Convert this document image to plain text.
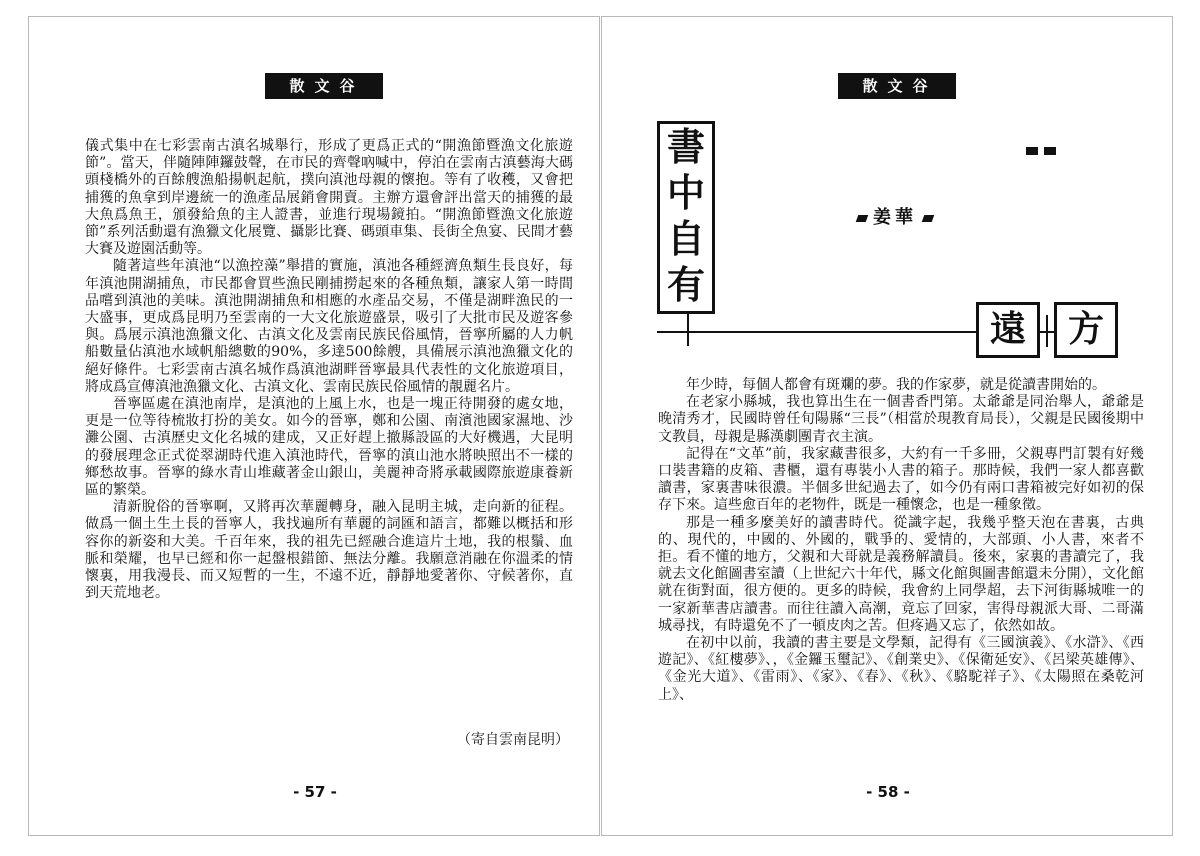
散文谷

儀式集中在七彩雲南古滇名城舉行，形成了更爲正式的“開漁節暨漁文化旅遊節”。當天，伴隨陣陣鑼鼓聲，在市民的齊聲吶喊中，停泊在雲南古滇藝海大碼頭棧橋外的百餘艘漁船揚帆起航，撲向滇池母親的懷抱。等有了收穫，又會把捕獲的魚拿到岸邊統一的漁產品展銷會開賣。主辦方還會評出當天的捕獲的最大魚爲魚王，頒發給魚的主人證書，並進行現場鏡拍。“開漁節暨漁文化旅遊節”系列活動還有漁獵文化展覽、攝影比賽、碼頭車集、長街全魚宴、民間才藝大賽及遊園活動等。

隨著這些年滇池“以漁控藻”舉措的實施，滇池各種經濟魚類生長良好，每年滇池開湖捕魚，市民都會買些漁民剛捕撈起來的各種魚類，讓家人第一時間品嚐到滇池的美味。滇池開湖捕魚和相應的水產品交易，不僅是湖畔漁民的一大盛事，更成爲昆明乃至雲南的一大文化旅遊盛景，吸引了大批市民及遊客參與。爲展示滇池漁獵文化、古滇文化及雲南民族民俗風情，晉寧所屬的人力帆船數量佔滇池水域帆船總數的90%，多達500餘艘，具備展示滇池漁獵文化的絕好條件。七彩雲南古滇名城作爲滇池湖畔晉寧最具代表性的文化旅遊項目，將成爲宣傳滇池漁獵文化、古滇文化、雲南民族民俗風情的靚麗名片。

晉寧區處在滇池南岸，是滇池的上風上水，也是一塊正待開發的處女地，更是一位等待梳妝打扮的美女。如今的晉寧，鄭和公園、南濱池國家濕地、沙灘公園、古滇歷史文化名城的建成，又正好趕上撤縣設區的大好機遇，大昆明的發展理念正式從翠湖時代進入滇池時代，晉寧的滇山池水將映照出不一樣的鄉愁故事。晉寧的綠水青山堆藏著金山銀山，美麗神奇將承載國際旅遊康養新區的繁榮。

清新脫俗的晉寧啊，又將再次華麗轉身，融入昆明主城，走向新的征程。做爲一個土生土長的晉寧人，我找遍所有華麗的詞匯和語言，都難以概括和形容你的新姿和大美。千百年來，我的祖先已經融合進這片土地，我的根鬚、血脈和榮耀，也早已經和你一起盤根錯節、無法分離。我願意消融在你溫柔的情懷裏，用我漫長、而又短暫的一生，不遠不近，靜靜地愛著你、守候著你，直到天荒地老。

（寄自雲南昆明）
- 57 -
散文谷
書
中
自
有
姜華
遠	方

年少時，每個人都會有斑斕的夢。我的作家夢，就是從讀書開始的。

在老家小縣城，我也算出生在一個書香門第。太爺爺是同治舉人，爺爺是晚清秀才，民國時曾任旬陽縣“三長”（相當於現教育局長），父親是民國後期中文教員，母親是縣漢劇團青衣主演。

記得在“文革”前，我家藏書很多，大約有一千多冊，父親專門訂製有好幾口裝書籍的皮箱、書櫃，還有專裝小人書的箱子。那時候，我們一家人都喜歡讀書，家裏書味很濃。半個多世紀過去了，如今仍有兩口書箱被完好如初的保存下來。這些愈百年的老物件，既是一種懷念，也是一種象徵。

那是一種多麼美好的讀書時代。從識字起，我幾乎整天泡在書裏，古典的、現代的，中國的、外國的，戰爭的、愛情的，大部頭、小人書，來者不拒。看不懂的地方，父親和大哥就是義務解讀員。後來，家裏的書讀完了，我就去文化館圖書室讀（上世紀六十年代，縣文化館與圖書館還未分開），文化館就在街對面，很方便的。更多的時候，我會約上同學超，去下河街縣城唯一的一家新華書店讀書。而往往讀入高潮，竟忘了回家，害得母親派大哥、二哥滿城尋找，有時還免不了一頓皮肉之苦。但疼過又忘了，依然如故。

在初中以前，我讀的書主要是文學類，記得有《三國演義》、《水滸》、《西遊記》、《紅樓夢》、，《金鑼玉璽記》、《創業史》、《保衛延安》、《呂梁英雄傳》、《金光大道》、《雷雨》、《家》、《春》、《秋》、《駱駝祥子》、《太陽照在桑乾河上》、

- 58 -
